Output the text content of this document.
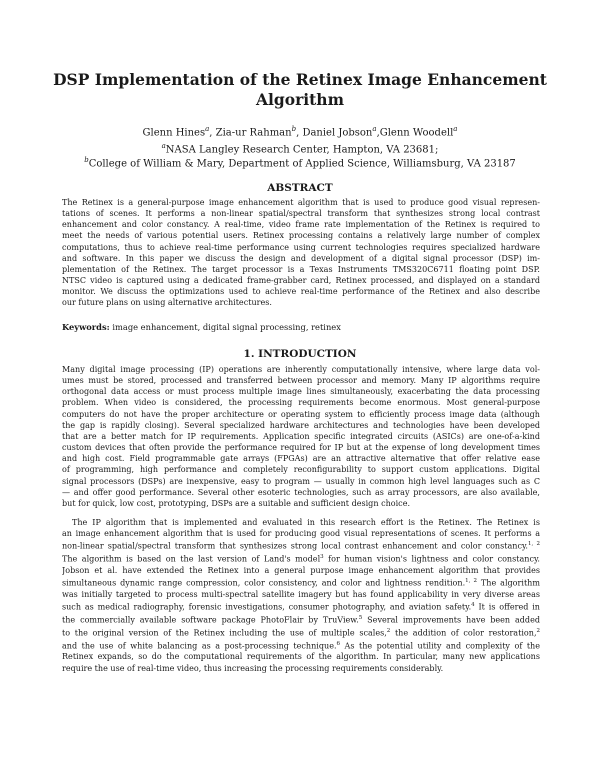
DSP Implementation of the Retinex Image Enhancement
Algorithm
Glenn Hines$^a$, Zia-ur Rahman$^b$, Daniel Jobson$^a$,Glenn Woodell$^a$
$^a$NASA Langley Research Center, Hampton, VA 23681;
$^b$College of William & Mary, Department of Applied Science, Williamsburg, VA 23187
ABSTRACT
The Retinex is a general-purpose image enhancement algorithm that is used to produce good visual represen-
tations of scenes. It performs a non-linear spatial/spectral transform that synthesizes strong local contrast
enhancement and color constancy. A real-time, video frame rate implementation of the Retinex is required to
meet the needs of various potential users. Retinex processing contains a relatively large number of complex
computations, thus to achieve real-time performance using current technologies requires specialized hardware
and software. In this paper we discuss the design and development of a digital signal processor (DSP) im-
plementation of the Retinex. The target processor is a Texas Instruments TMS320C6711 floating point DSP.
NTSC video is captured using a dedicated frame-grabber card, Retinex processed, and displayed on a standard
monitor. We discuss the optimizations used to achieve real-time performance of the Retinex and also describe
our future plans on using alternative architectures.
Keywords: image enhancement, digital signal processing, retinex
1. INTRODUCTION
Many digital image processing (IP) operations are inherently computationally intensive, where large data vol-
umes must be stored, processed and transferred between processor and memory. Many IP algorithms require
orthogonal data access or must process multiple image lines simultaneously, exacerbating the data processing
problem. When video is considered, the processing requirements become enormous. Most general-purpose
computers do not have the proper architecture or operating system to efficiently process image data (although
the gap is rapidly closing). Several specialized hardware architectures and technologies have been developed
that are a better match for IP requirements. Application specific integrated circuits (ASICs) are one-of-a-kind
custom devices that often provide the performance required for IP but at the expense of long development times
and high cost. Field programmable gate arrays (FPGAs) are an attractive alternative that offer relative ease
of programming, high performance and completely reconfigurability to support custom applications. Digital
signal processors (DSPs) are inexpensive, easy to program — usually in common high level languages such as C
— and offer good performance. Several other esoteric technologies, such as array processors, are also available,
but for quick, low cost, prototyping, DSPs are a suitable and sufficient design choice.
The IP algorithm that is implemented and evaluated in this research effort is the Retinex. The Retinex is
an image enhancement algorithm that is used for producing good visual representations of scenes. It performs a
non-linear spatial/spectral transform that synthesizes strong local contrast enhancement and color constancy.$^{1, 2}$
The algorithm is based on the last version of Land's model$^3$ for human vision's lightness and color constancy.
Jobson et al. have extended the Retinex into a general purpose image enhancement algorithm that provides
simultaneous dynamic range compression, color consistency, and color and lightness rendition.$^{1, 2}$ The algorithm
was initially targeted to process multi-spectral satellite imagery but has found applicability in very diverse areas
such as medical radiography, forensic investigations, consumer photography, and aviation safety.$^4$ It is offered in
the commercially available software package PhotoFlair by TruView.$^5$ Several improvements have been added
to the original version of the Retinex including the use of multiple scales,$^2$ the addition of color restoration,$^2$
and the use of white balancing as a post-processing technique.$^6$ As the potential utility and complexity of the
Retinex expands, so do the computational requirements of the algorithm. In particular, many new applications
require the use of real-time video, thus increasing the processing requirements considerably.
